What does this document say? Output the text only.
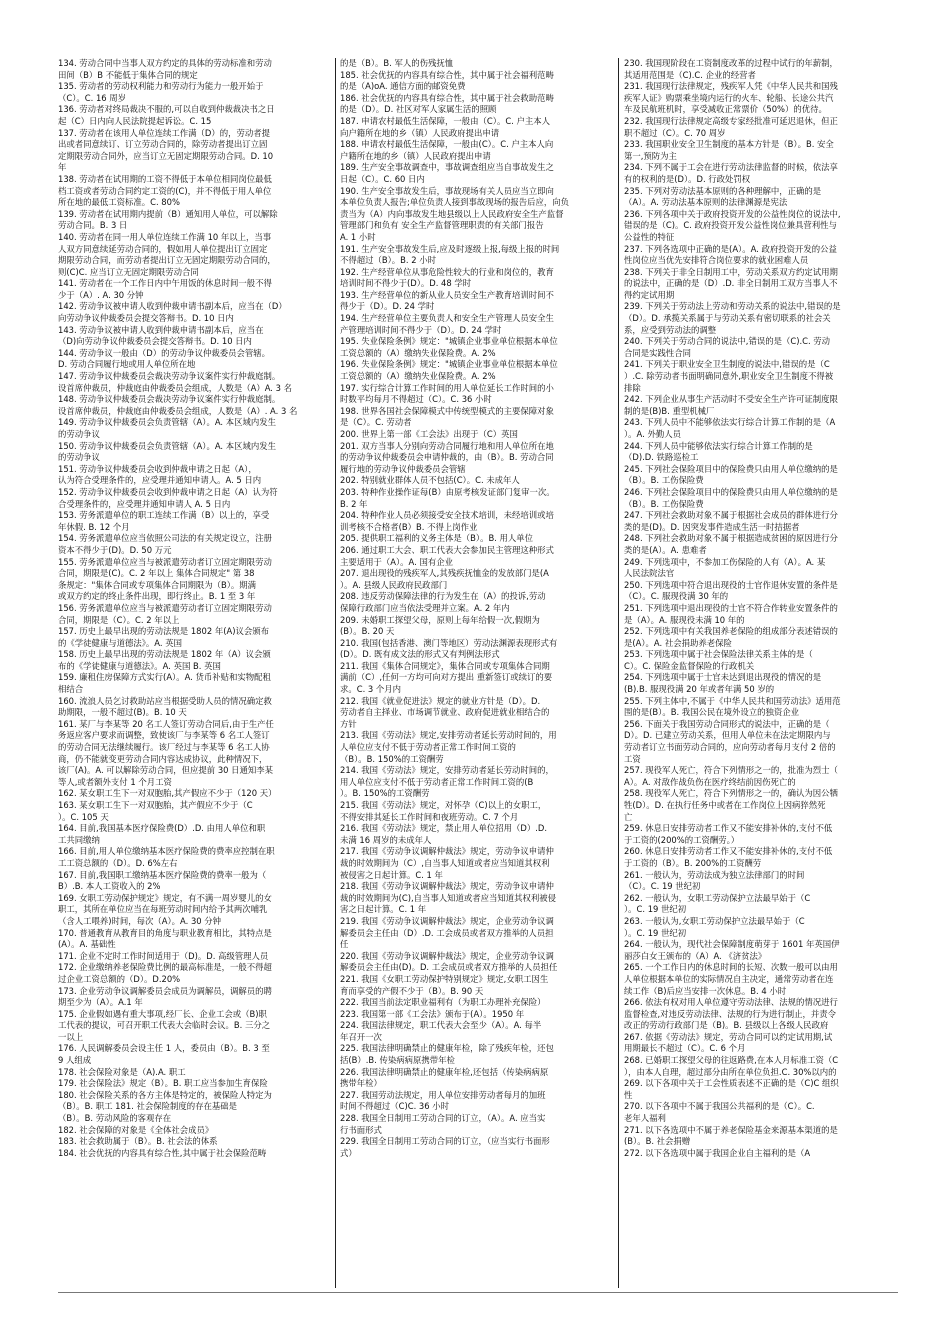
134. 劳动合同中当事人双方约定的具体的劳动标准和劳动

田间（B）B 不能低于集体合同的规定

135. 劳动者的劳动权利能力和劳动行为能力一般开始于

（C）。C. 16 周岁

136. 劳动者对终局裁决不服的,可以自收到仲裁裁决书之日

起（C）日内向人民法院提起诉讼。C. 15

137. 劳动者在该用人单位连续工作满（D）的，劳动者提

出或者同意续订、订立劳动合同的，除劳动者提出订立固

定期限劳动合同外，应当订立无固定期限劳动合同。D. 10

年

138. 劳动者在试用期的工资不得低于本单位相同岗位最低

档工资或者劳动合同约定工资的(C)，并不得低于用人单位

所在地的最低工资标准。C. 80%

139. 劳动者在试用期内提前（B）通知用人单位，可以解除

劳动合同。B. 3 日

140. 劳动者在同一用人单位连续工作满 10 年以上，当事

人双方同意续延劳动合同的，假如用人单位提出订立固定

期限劳动合同，而劳动者提出订立无固定期限劳动合同的，

则(C)C. 应当订立无固定期限劳动合同

141. 劳动者在一个工作日内中午用饭的休息时间一般不得

少于（A）. A. 30 分钟

142. 劳动争议被申请人收到仲裁申请书副本后，应当在（D）

向劳动争议仲裁委员会提交答辩书。D. 10 日内

143. 劳动争议被申请人收到仲裁申请书副本后，应当在

（D)向劳动争议仲裁委员会提交答辩书。D. 10 日内

144. 劳动争议一般由（D）的劳动争议仲裁委员会管辖。

D. 劳动合同履行地或用人单位所在地

147. 劳动争议仲裁委员会裁决劳动争议案件实行仲裁庭制。

设首席仲裁员，仲裁庭由仲裁委员会组成，人数是（A）A. 3 名

148. 劳动争议仲裁委员会裁决劳动争议案件实行仲裁庭制。

设首席仲裁员，仲裁庭由仲裁委员会组成，人数是（A）. A. 3 名

149. 劳动争议仲裁委员会负责管辖（A）。A. 本区域内发生

的劳动争议

150. 劳动争议仲裁委员会负责管辖（A）。A. 本区域内发生

的劳动争议

151. 劳动争议仲裁委员会收到仲裁申请之日起（A），

认为符合受理条件的，应受理并通知申请人。A. 5 日内

152. 劳动争议仲裁委员会收到仲裁申请之日起（A）认为符

合受理条件的，应受理并通知申请人 A. 5 日内

153. 劳务派遣单位的职工连续工作满（B）以上的，享受

年休假. B. 12 个月

154. 劳务派遣单位应当依照公司法的有关规定设立，注册

资本不得少于(D)。D. 50 万元

155. 劳务派遣单位应当与被派遣劳动者订立固定期限劳动

合同，期限是(C)。C. 2 年以上 集体合同规定" 第 38

条规定："集体合同或专项集体合同期限为（B）。期满

或双方约定的终止条件出现，即行终止。B. 1 至 3 年

156. 劳务派遣单位应当与被派遣劳动者订立固定期限劳动

合同，期限是（C）。C. 2 年以上

157. 历史上最早出现的劳动法规是 1802 年(A)议会颁布

的《学徒健康与道德法》。A. 英国

158. 历史上最早出现的劳动法规是 1802 年（A）议会颁

布的《学徒健康与道德法》。A. 英国 B. 英国

159. 廉租住房保障方式实行(A）。A. 货币补贴和实物配租

相结合

160. 流浪人员乞讨救助站应当根据受助人员的情况确定救

助期限，一般不超过(B)。B. 10 天

161. 某厂与李某等 20 名工人签订劳动合同后,由于生产任

务返应客户要求而调整，致使该厂与李某等 6 名工人签订

的劳动合同无法继续履行。该厂经过与李某等 6 名工人协

商，仍不能就变更劳动合同内容达成协议，此种情况下，

该厂(A)。A. 可以解除劳动合同，但应提前 30 日通知李某

等人,或者额外支付 1 个月工资

162. 某女职工生下一对双胞胎,其产假应不少于（120 天）

163. 某女职工生下一对双胞胎，其产假应不少于（C

）。C. 105 天

164. 目前,我国基本医疗保险费(D）.D. 由用人单位和职

工共同缴纳

166. 目前,用人单位缴纳基本医疗保险费的费率应控制在职

工工资总额的（D）。D. 6%左右

167. 目前,我国职工缴纳基本医疗保险费的费率一般为（

B）.B. 本人工资收入的 2%

169. 女职工劳动保护规定》规定，有不满一周岁婴儿的女

职工，其所在单位应当在每班劳动时间内给予其两次哺乳

（含人工喂养)时间，每次（A）。A. 30 分钟

170. 普通教育从教育目的角度与职业教育相比，其特点是

(A）。A. 基础性

171. 企业不定时工作时间适用于（D)。D. 高级管理人员

172. 企业缴纳养老保险费比例的最高标准是，一般不得超

过企业工资总额的（D）。D.20%

173. 企业劳动争议调解委员会成员为调解员，调解员的聘

期至少为（A）。A.1 年

175. 企业假如遇有重大事项,经厂长、企业工会或（B)职

工代表的提议，可召开职工代表大会临时会议。B. 三分之

一以上

176. 人民调解委员会设主任 1 人，委员由（B）。B. 3 至

9 人组成

178. 社会保险对象是（A).A. 职工

179. 社会保险法》规定（B）。B. 职工应当参加生育保险

180. 社会保险关系的各方主体是特定的，被保险人特定为

（B）。B. 职工 181. 社会保险制度的存在基础是

（B）。B. 劳动风险的客观存在

182. 社会保障的对象是《全体社会成员》

183. 社会救助属于（B）。B. 社会法的体系

184. 社会优抚的内容具有综合性,其中属于社会保险范畴

的是（B）。B. 军人的伤残抚恤

185. 社会优抚的内容具有综合性，其中属于社会福利范畴

的是（A)oA. 通信方面的邮资免费

186. 社会优抚的内容具有综合性，其中属于社会救助范畴

的是（D）。D. 社区对军人家属生活的照顾

187. 申请农村最低生活保障，一般由（C）。C. 户主本人

向户籍所在地的乡（镇）人民政府提出申请

188. 申请农村最低生活保障，一般由(C）。C. 户主本人向

户籍所在地的乡（镇）人民政府提出申请

189. 生产安全事故调查中，事故调查组应当自事故发生之

日起（C）。C. 60 日内

190. 生产安全事故发生后，事故现场有关人员应当立即向

本单位负责人报告;单位负责人接到事故现场的报告后应，向负

责当为（A）内向事故发生地县级以上人民政府安全生产监督

管理部门和负有 安全生产监督管理职责的有关部门报告

A. 1 小时

191. 生产安全事故发生后,应及时逐级上报,每级上报的时间

不得超过（B）。B. 2 小时

192. 生产经营单位从事危险性较大的行业和岗位的，教育

培训时间不得少于(D）。D. 48 学时

193. 生产经营单位的新从业人员安全生产教育培训时间不

得少于（D）。D. 24 学时

194. 生产经营单位主要负责人和安全生产管理人员安全生

产管理培训时间不得少于（D）。D. 24 学时

195. 失业保险条例》规定："城镇企业事业单位根据本单位

工资总额的（A）缴纳失业保险费。A. 2%

196. 失业保险条例》规定："城镇企业事业单位根据本单位

工资总额的（A）缴纳失业保险费。A. 2%

197. 实行综合计算工作时间的用人单位延长工作时间的小

时数平均每月不得超过（C）。C. 36 小时

198. 世界各国社会保障模式中传统型模式的主要保障对象

是（C）。C. 劳动者

200. 世界上第一部《工会法》出现于（C）英国

201. 双方当事人分别向劳动合同履行地和用人单位所在地

的劳动争议仲裁委员会申请仲裁的，由（B）。B. 劳动合同

履行地的劳动争议仲裁委员会管辖

202. 特别就业群体人员不包括(C）。C. 未成年人

203. 特种作业操作证每(B）由原考核发证部门复审一次。

B. 2 年

204. 特种作业人员必须接受安全技术培训，未经培训或培

训考核不合格者(B）B. 不得上岗作业

205. 提供职工福利的义务主体是（B）。B. 用人单位

206. 通过职工大会、职工代表大会参加民主管理这种形式

主要适用于（A）。A. 国有企业

207. 退出现役的残疾军人,其残疾抚恤金的发放部门是(A

）。A. 县级人民政府民政部门

208. 违反劳动保障法律的行为发生在（A）的投诉,劳动

保障行政部门应当依法受理并立案。A. 2 年内

209. 未婚职工探望父母，原则上每年给假一次,假期为

(B）。B. 20 天

210. 我国(包括香港、澳门等地区）劳动法渊源表现形式有

(D）。D. 既有成文法的形式又有判例法形式

211. 我国《集体合同规定》，集体合同或专项集体合同期

满前（C）,任何一方均可向对方提出 重新签订或续订的要

求。C. 3 个月内

212. 我国《就业促进法》规定的就业方针是（D）。D.

劳动者自主择业、市场调节就业、政府促进就业相结合的

方针

213. 我国《劳动法》规定,安排劳动者延长劳动时间的，用

人单位应支付不低于劳动者正常工作时间工资的

（B）。B. 150%的工资酬劳

214. 我国《劳动法》规定，安排劳动者延长劳动时间的，

用人单位应支付不低于劳动者正常工作时间工资的(B

）。B. 150%的工资酬劳

215. 我国《劳动法》规定，对怀孕（C)以上的女职工，

不得安排其延长工作时间和夜班劳动。C. 7 个月

216. 我国《劳动法》规定，禁止用人单位招用（D）.D.

未满 16 周岁的未成年人

217. 我国《劳动争议调解仲裁法》规定，劳动争议申请仲

裁的时效期间为（C）,自当事人知道或者应当知道其权利

被侵害之日起计算。C. 1 年

218. 我国《劳动争议调解仲裁法》规定，劳动争议申请仲

裁的时效期间为(C),自当事人知道或者应当知道其权利被侵

害之日起计算。C. 1 年

219. 我国《劳动争议调解仲裁法》规定，企业劳动争议调

解委员会主任由（D）.D. 工会成员或者双方推举的人员担

任

220. 我国《劳动争议调解仲裁法》规定，企业劳动争议调

解委员会主任由(D)。D. 工会成员或者双方推举的人员担任

221. 我国《女职工劳动保护特别规定》规定,女职工因生

育而享受的产假不少于（B）。B. 90 天

222. 我国当前法定职业福利有（为职工办理补充保险）

223. 我国第一部《工会法》颁布于(A）。1950 年

224. 我国法律规定，职工代表大会至少（A）。A. 每半

年召开一次

225. 我国法律明确禁止的健康年检，除了残疾年检，还包

括(B）.B. 传染病病原携带年检

226. 我国法律明确禁止的健康年检,还包括（传染病病原

携带年检）

227. 我国劳动法规定，用人单位安排劳动者每月的加班

时间不得超过（C)C. 36 小时

228. 我国全日制用工劳动合同的订立，（A）。A. 应当实

行书面形式

229. 我国全日制用工劳动合同的订立，（应当实行书面形

式）

230. 我国现阶段在工资制度改革的过程中试行的年薪制，

其适用范围是（C).C. 企业的经营者

231. 我国现行法律规定，残疾军人凭《中华人民共和国残

疾军人证》购票乘坐境内运行的火车、轮船、长途公共汽

车及民航班机时，享受减收正常票价（50%）的优待。

232. 我国现行法律规定高级专家经批准可延迟退休，但正

职不超过（C）。C. 70 周岁

233. 我国职业安全卫生制度的基本方针是（B）。B. 安全

第一,预防为主

234. 下列不属于工会在进行劳动法律监督的时候，依法享

有的权利的是(D）。D. 行政处罚权

235. 下列对劳动法基本原则的各种理解中，正确的是

（A）。A. 劳动法基本原则的法律渊源是宪法

236. 下列各项中关于政府投资开发的公益性岗位的说法中,

错误的是（C)。C. 政府投资开发公益性岗位兼具营利性与

公益性的特征

237. 下列各选项中正确的是(A）。A. 政府投资开发的公益

性岗位应当优先安排符合岗位要求的就业困难人员

238. 下列关于非全日制用工中，劳动关系双方约定试用期

的说法中，正确的是（D）.D. 非全日制用工双方当事人不

得约定试用期

239. 下列关于劳动法上劳动和劳动关系的说法中,错误的是

（D）。D. 承揽关系属于与劳动关系有密切联系的社会关

系，应受到劳动法的调整

240. 下列关于劳动合同的说法中,错误的是（C).C. 劳动

合同是实践性合同

241. 下列关于职业安全卫生制度的说法中,错误的是（C

）.C. 除劳动者书面明确同意外,职业安全卫生制度不得被

排除

242. 下列企业从事生产活动时不受安全生产许可证制度限

制的是(B)B. 重型机械厂

243. 下列人员中不能够依法实行综合计算工作制的是（A

）。A. 外勤人员

244. 下列人员中能够依法实行综合计算工作制的是

（D).D. 铁路巡检工

245. 下列社会保险项目中的保险费只由用人单位缴纳的是

（B）。B. 工伤保险费

246. 下列社会保险项目中的保险费只由用人单位缴纳的是

（B）。B. 工伤保险费

247. 下列社会救助对象不属于根据社会成员的群体进行分

类的是(D)。D. 因突发事件造成生活一时拮据者

248. 下列社会救助对象不属于根据造成贫困的原因进行分

类的是(A）。A. 患难者

249. 下列选项中，不参加工伤保险的人有（A）。A. 某

人民法院法官

250. 下列选项中符合退出现役的士官作退休安置的条件是

（C）。C. 服现役满 30 年的

251. 下列选项中退出现役的士官不符合作转业安置条件的

是（A）。A. 服现役未满 10 年的

252. 下列选项中有关我国养老保险的组成部分表述错误的

是(A）。A. 社会捐助养老保险

253. 下列选项中属于社会保险法律关系主体的是（

C）。C. 保险金监督保险的行政机关

254. 下列选项中属于士官未达到退出现役的情况的是

(B).B. 服现役满 20 年或者年满 50 岁的

255. 下列主体中,不属于《中华人民共和国劳动法》适用范

围的是(B）。B. 我国公民在境外设立的独资企业

256. 下面关于我国劳动合同形式的说法中，正确的是（

D）。D. 已建立劳动关系，但用人单位未在法定期限内与

劳动者订立书面劳动合同的，应向劳动者每月支付 2 倍的

工资

257. 现役军人死亡，符合下列情形之一的，批准为烈士（

A）。A. 对敌作战负伤在医疗终结前因伤死亡的

258. 现役军人死亡，符合下列情形之一的，确认为因公牺

牲(D）。D. 在执行任务中或者在工作岗位上因病猝然死

亡

259. 休息日安排劳动者工作又不能安排补休的,支付不低

于工资的(200%的工资酬劳。）

260. 休息日安排劳动者工作又不能安排补休的,支付不低

于工资的（B）。B. 200%的工资酬劳

261. 一般认为，劳动法成为独立法律部门的时间

（C）。C. 19 世纪初

262. 一般认为，女职工劳动保护立法最早始于（C

）。C. 19 世纪初

263. 一般认为,女职工劳动保护立法最早始于（C

）。C. 19 世纪初

264. 一般认为，现代社会保障制度萌芽于 1601 年英国伊

丽莎白女王颁布的（A）A. 《济贫法》

265. 一个工作日内的休息时间的长短、次数一般可以由用

人单位根据本单位的实际情况自主决定，通常劳动者在连

续工作（B)后应当安排一次休息。B. 4 小时

266. 依法有权对用人单位遵守劳动法律、法规的情况进行

监督检查,对违反劳动法律、法规的行为进行制止，并责令

改正的劳动行政部门是（B)。B. 县级以上各级人民政府

267. 依据《劳动法》规定，劳动合同可以约定试用期,试

用期最长不超过（C）。C. 6 个月

268. 已婚职工探望父母的往返路费,在本人月标准工资（C

），由本人自理，超过部分由所在单位负担.C. 30%以内的

269. 以下各项中关于工会性质表述不正确的是（C)C 组织

性

270. 以下各项中不属于我国公共福利的是（C）。C.

老年人福利

271. 以下各选项中不属于养老保险基金来源基本渠道的是

(B）。B. 社会捐赠

272. 以下各选项中属于我国企业自主福利的是（A
